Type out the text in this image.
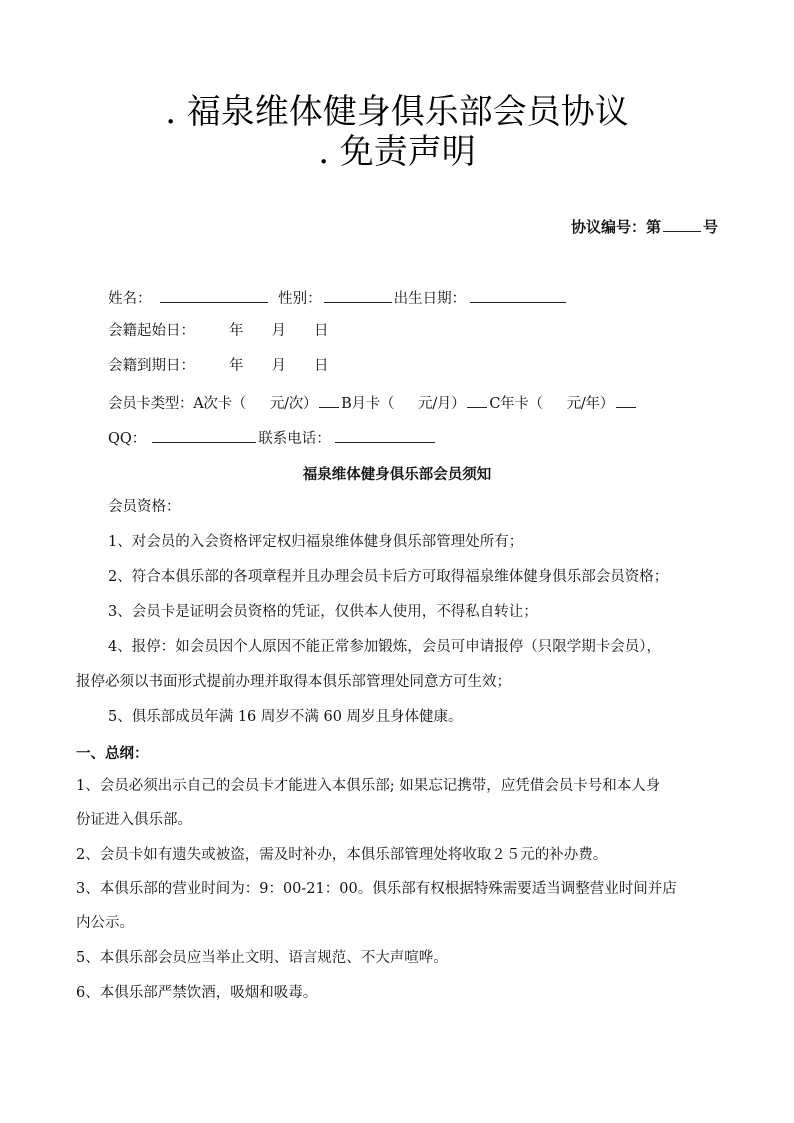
. 福泉维体健身俱乐部会员协议
. 免责声明
协议编号：第	号
姓名：	性别：	出生日期：
会籍起始日： 年 月 日
会籍到期日： 年 月 日
会员卡类型：A次卡（ 元/次） B月卡（ 元/月） C年卡（ 元/年）
QQ：	联系电话：
福泉维体健身俱乐部会员须知
会员资格：
1、对会员的入会资格评定权归福泉维体健身俱乐部管理处所有；
2、符合本俱乐部的各项章程并且办理会员卡后方可取得福泉维体健身俱乐部会员资格；
3、会员卡是证明会员资格的凭证，仅供本人使用，不得私自转让；
4、报停：如会员因个人原因不能正常参加锻炼，会员可申请报停（只限学期卡会员），
报停必须以书面形式提前办理并取得本俱乐部管理处同意方可生效；
5、俱乐部成员年满 16 周岁不满 60 周岁且身体健康。
一、总纲：
1、会员必须出示自己的会员卡才能进入本俱乐部; 如果忘记携带，应凭借会员卡号和本人身
份证进入俱乐部。
2、会员卡如有遗失或被盗，需及时补办，本俱乐部管理处将收取２５元的补办费。
3、本俱乐部的营业时间为：9：00-21：00。俱乐部有权根据特殊需要适当调整营业时间并店
内公示。
5、本俱乐部会员应当举止文明、语言规范、不大声喧哗。
6、本俱乐部严禁饮酒，吸烟和吸毒。
